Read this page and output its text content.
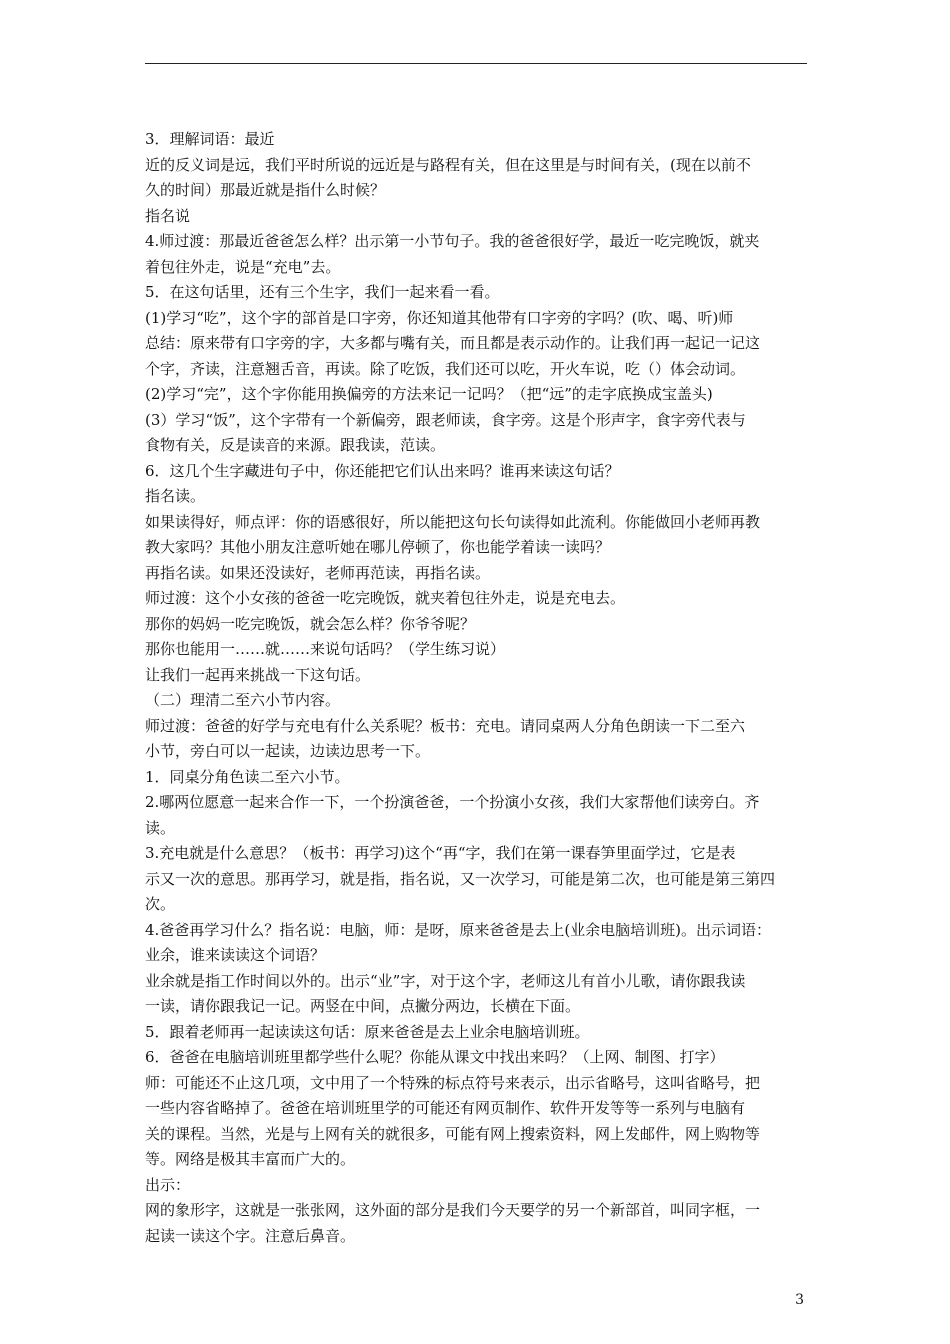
3．理解词语：最近
近的反义词是远，我们平时所说的远近是与路程有关，但在这里是与时间有关，(现在以前不
久的时间）那最近就是指什么时候？
指名说
4.师过渡：那最近爸爸怎么样？出示第一小节句子。我的爸爸很好学，最近一吃完晚饭，就夹
着包往外走，说是“充电”去。
5．在这句话里，还有三个生字，我们一起来看一看。
(1)学习“吃”，这个字的部首是口字旁，你还知道其他带有口字旁的字吗？(吹、喝、听)师
总结：原来带有口字旁的字，大多都与嘴有关，而且都是表示动作的。让我们再一起记一记这
个字，齐读，注意翘舌音，再读。除了吃饭，我们还可以吃，开火车说，吃（）体会动词。
(2)学习“完”，这个字你能用换偏旁的方法来记一记吗？（把“远”的走字底换成宝盖头)
(3）学习“饭”，这个字带有一个新偏旁，跟老师读，食字旁。这是个形声字，食字旁代表与
食物有关，反是读音的来源。跟我读，范读。
6．这几个生字藏进句子中，你还能把它们认出来吗？谁再来读这句话？
指名读。
如果读得好，师点评：你的语感很好，所以能把这句长句读得如此流利。你能做回小老师再教
教大家吗？其他小朋友注意听她在哪儿停顿了，你也能学着读一读吗？
再指名读。如果还没读好，老师再范读，再指名读。
师过渡：这个小女孩的爸爸一吃完晚饭，就夹着包往外走，说是充电去。
那你的妈妈一吃完晚饭，就会怎么样？你爷爷呢？
那你也能用一……就……来说句话吗？（学生练习说）
让我们一起再来挑战一下这句话。
（二）理清二至六小节内容。
师过渡：爸爸的好学与充电有什么关系呢？板书：充电。请同桌两人分角色朗读一下二至六
小节，旁白可以一起读，边读边思考一下。
1．同桌分角色读二至六小节。
2.哪两位愿意一起来合作一下，一个扮演爸爸，一个扮演小女孩，我们大家帮他们读旁白。齐
读。
3.充电就是什么意思？（板书：再学习)这个“再“字，我们在第一课春笋里面学过，它是表
示又一次的意思。那再学习，就是指，指名说，又一次学习，可能是第二次，也可能是第三第四
次。
4.爸爸再学习什么？指名说：电脑，师：是呀，原来爸爸是去上(业余电脑培训班)。出示词语：
业余，谁来读读这个词语？
业余就是指工作时间以外的。出示“业”字，对于这个字，老师这儿有首小儿歌，请你跟我读
一读，请你跟我记一记。两竖在中间，点撇分两边，长横在下面。
5．跟着老师再一起读读这句话：原来爸爸是去上业余电脑培训班。
6．爸爸在电脑培训班里都学些什么呢？你能从课文中找出来吗？（上网、制图、打字）
师：可能还不止这几项，文中用了一个特殊的标点符号来表示，出示省略号，这叫省略号，把
一些内容省略掉了。爸爸在培训班里学的可能还有网页制作、软件开发等等一系列与电脑有
关的课程。当然，光是与上网有关的就很多，可能有网上搜索资料，网上发邮件，网上购物等
等。网络是极其丰富而广大的。
出示：
网的象形字，这就是一张张网，这外面的部分是我们今天要学的另一个新部首，叫同字框，一
起读一读这个字。注意后鼻音。
3
